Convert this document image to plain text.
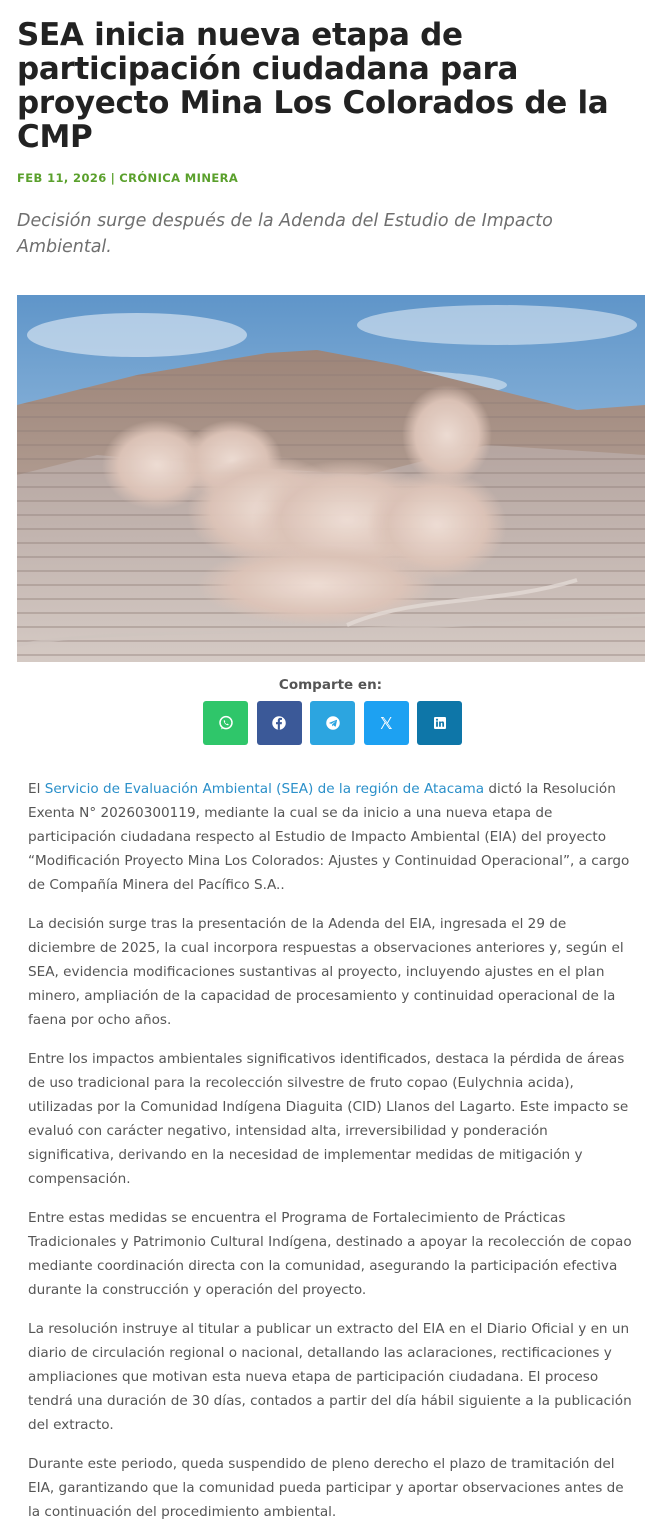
SEA inicia nueva etapa de participación ciudadana para proyecto Mina Los Colorados de la CMP
FEB 11, 2026 | CRÓNICA MINERA

Decisión surge después de la Adenda del Estudio de Impacto Ambiental.

Comparte en:

El Servicio de Evaluación Ambiental (SEA) de la región de Atacama dictó la Resolución Exenta N° 20260300119, mediante la cual se da inicio a una nueva etapa de participación ciudadana respecto al Estudio de Impacto Ambiental (EIA) del proyecto “Modificación Proyecto Mina Los Colorados: Ajustes y Continuidad Operacional”, a cargo de Compañía Minera del Pacífico S.A..

La decisión surge tras la presentación de la Adenda del EIA, ingresada el 29 de diciembre de 2025, la cual incorpora respuestas a observaciones anteriores y, según el SEA, evidencia modificaciones sustantivas al proyecto, incluyendo ajustes en el plan minero, ampliación de la capacidad de procesamiento y continuidad operacional de la faena por ocho años.

Entre los impactos ambientales significativos identificados, destaca la pérdida de áreas de uso tradicional para la recolección silvestre de fruto copao (Eulychnia acida), utilizadas por la Comunidad Indígena Diaguita (CID) Llanos del Lagarto. Este impacto se evaluó con carácter negativo, intensidad alta, irreversibilidad y ponderación significativa, derivando en la necesidad de implementar medidas de mitigación y compensación.

Entre estas medidas se encuentra el Programa de Fortalecimiento de Prácticas Tradicionales y Patrimonio Cultural Indígena, destinado a apoyar la recolección de copao mediante coordinación directa con la comunidad, asegurando la participación efectiva durante la construcción y operación del proyecto.

La resolución instruye al titular a publicar un extracto del EIA en el Diario Oficial y en un diario de circulación regional o nacional, detallando las aclaraciones, rectificaciones y ampliaciones que motivan esta nueva etapa de participación ciudadana. El proceso tendrá una duración de 30 días, contados a partir del día hábil siguiente a la publicación del extracto.

Durante este periodo, queda suspendido de pleno derecho el plazo de tramitación del EIA, garantizando que la comunidad pueda participar y aportar observaciones antes de la continuación del procedimiento ambiental.
